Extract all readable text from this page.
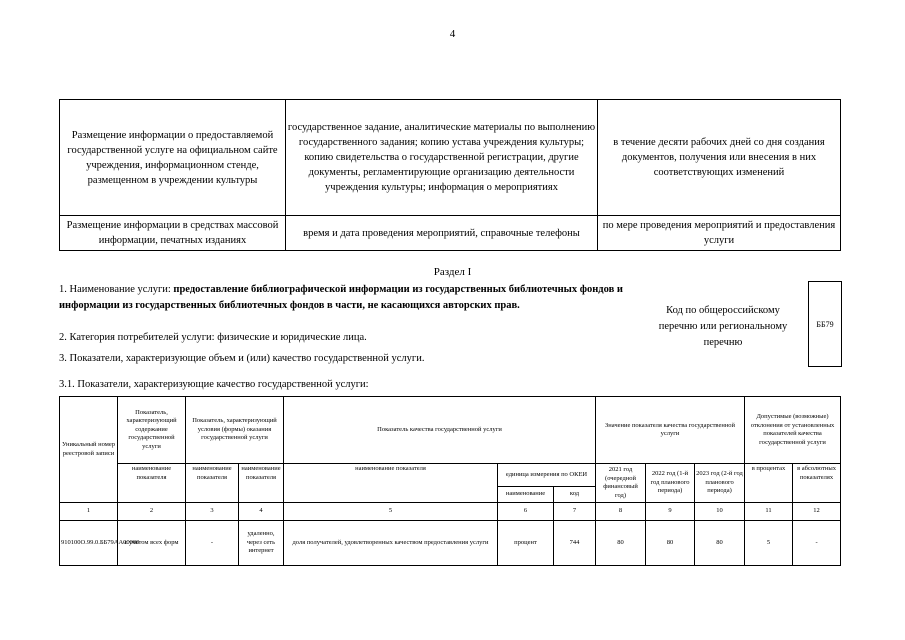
4
Размещение информации о предоставляемой государственной услуге на официальном сайте учреждения, информационном стенде, размещенном в учреждении культуры	государственное задание, аналитические материалы по выполнению государственного задания; копию устава учреждения культуры; копию свидетельства о государственной регистрации, другие документы, регламентирующие организацию деятельности учреждения культуры; информация о мероприятиях	в течение десяти рабочих дней со дня создания документов, получения или внесения в них соответствующих изменений
Размещение информации в средствах массовой информации, печатных изданиях	время и дата проведения мероприятий, справочные телефоны	по мере проведения мероприятий и предоставления услуги
Раздел I
1. Наименование услуги: предоставление библиографической информации из государственных библиотечных фондов и информации из государственных библиотечных фондов в части, не касающихся авторских прав.
2. Категория потребителей услуги: физические и юридические лица.
3. Показатели, характеризующие объем и (или) качество государственной услуги.
3.1. Показатели, характеризующие качество государственной услуги:
Код по общероссийскому перечню или региональному перечню
ББ79
Уникальный номер реестровой записи	Показатель, характеризующий содержание государственной услуги	Показатель, характеризующий условия (формы) оказания государственной услуги		Показатель качества государственной услуги			Значение показателя качества государственной услуги			Допустимые (возможные) отклонения от установленных показателей качества государственной услуги	
	наименование показателя	наименование показателя	наименование показателя	наименование показателя	единица измерения по ОКЕИ		2021 год (очередной финансовый год)	2022 год (1-й год планового периода)	2023 год (2-й год планового периода)	в процентах	в абсолютных показателях
					наименование	код					
1	2	3	4	5	6	7	8	9	10	11	12
910100О.99.0.ББ79АА00000	с учетом всех форм	-	удаленно, через сеть интернет	доля получателей, удовлетворенных качеством предоставления услуги	процент	744	80	80	80	5	-
